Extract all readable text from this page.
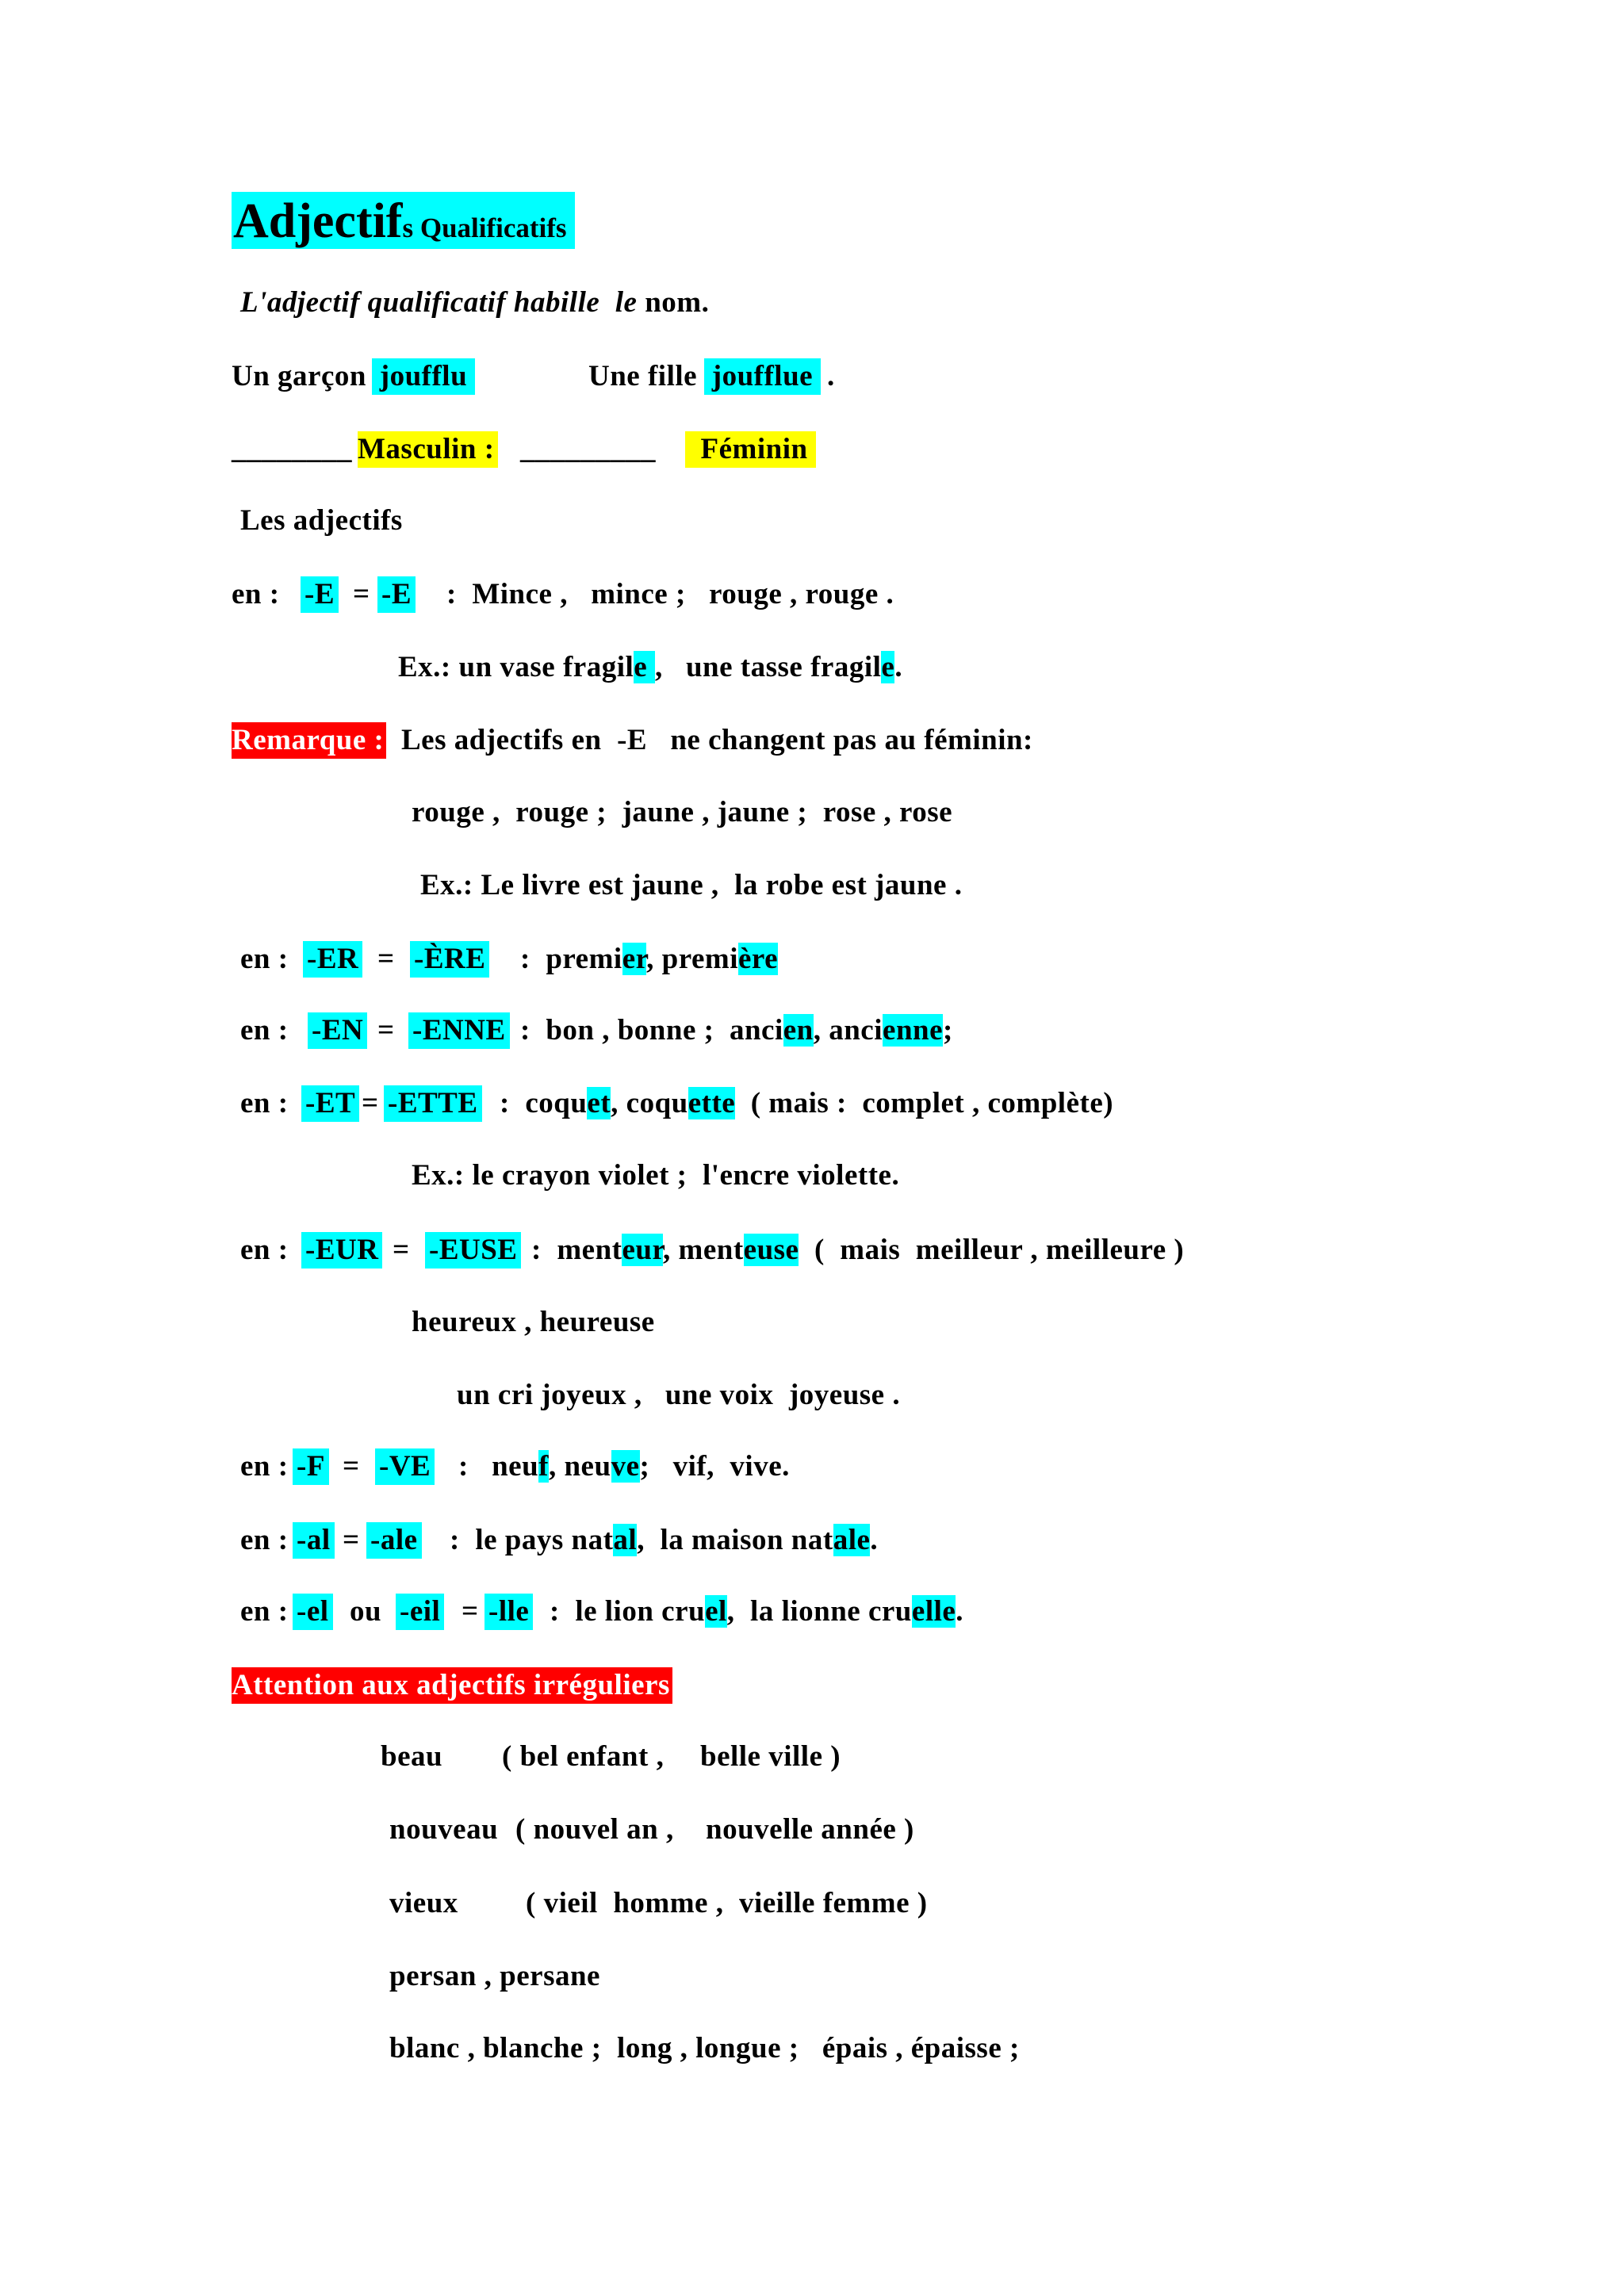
Adjectifs Qualificatifs
L'adjectif qualificatif habille  le nom.
Un garçon joufflu	Une fille joufflue .
________ Masculin : _________ Féminin
Les adjectifs
en : -E = -E :  Mince ,   mince ;   rouge , rouge .
Ex.: un vase fragile ,   une tasse fragile.
Remarque : Les adjectifs en  -E   ne changent pas au féminin:
rouge ,  rouge ;  jaune , jaune ;  rose , rose
Ex.: Le livre est jaune ,  la robe est jaune .
en : -ER = -ÈRE :  premier, première
en : -EN = -ENNE :  bon , bonne ;  ancien, ancienne;
en : -ET = -ETTE :  coquet, coquette  ( mais :  complet , complète)
Ex.: le crayon violet ;  l'encre violette.
en : -EUR = -EUSE :  menteur, menteuse  (  mais  meilleur , meilleure )
heureux , heureuse
un cri joyeux ,   une voix  joyeuse .
en : -F = -VE :   neuf, neuve;   vif,  vive.
en : -al = -ale :  le pays natal,  la maison natale.
en : -el ou -eil = -lle :  le lion cruel,  la lionne cruelle.
Attention aux adjectifs irréguliers
beau ( bel enfant , belle ville )
nouveau ( nouvel an , nouvelle année )
vieux ( vieil  homme ,  vieille femme )
persan , persane
blanc , blanche ;  long , longue ;   épais , épaisse ;
